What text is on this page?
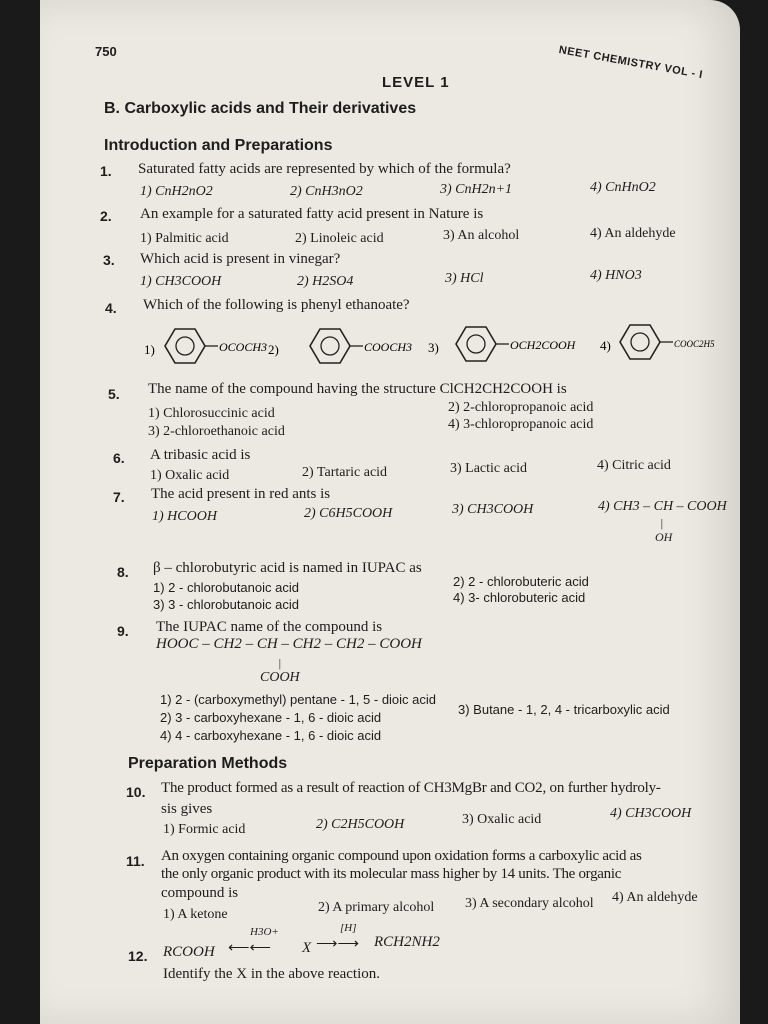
750	NEET CHEMISTRY VOL - I
LEVEL 1
B. Carboxylic acids and Their derivatives
Introduction and Preparations
1. Saturated fatty acids are represented by which of the formula?
1) CnH2nO2	2) CnH3nO2	3) CnH2n+1	4) CnHnO2
2. An example for a saturated fatty acid present in Nature is
1) Palmitic acid	2) Linoleic acid	3) An alcohol	4) An aldehyde
3. Which acid is present in vinegar?
1) CH3COOH	2) H2SO4	3) HCl	4) HNO3
4. Which of the following is phenyl ethanoate?
1)	OCOCH3 2)	COOCH3 3)	OCH2COOH 4)	COOC2H5
5. The name of the compound having the structure ClCH2CH2COOH is
1) Chlorosuccinic acid	2) 2-chloropropanoic acid
3) 2-chloroethanoic acid	4) 3-chloropropanoic acid
6. A tribasic acid is
1) Oxalic acid	2) Tartaric acid	3) Lactic acid	4) Citric acid
7. The acid present in red ants is
1) HCOOH	2) C6H5COOH	3) CH3COOH	4) CH3 – CH – COOH
|
OH
8. β – chlorobutyric acid is named in IUPAC as
1) 2 - chlorobutanoic acid	2) 2 - chlorobuteric acid
3) 3 - chlorobutanoic acid	4) 3- chlorobuteric acid
9. The IUPAC name of the compound is
HOOC – CH2 – CH – CH2 – CH2 – COOH
|
COOH
1) 2 - (carboxymethyl) pentane - 1, 5 - dioic acid
2) 3 - carboxyhexane - 1, 6 - dioic acid
3) Butane - 1, 2, 4 - tricarboxylic acid
4) 4 - carboxyhexane - 1, 6 - dioic acid
Preparation Methods
10. The product formed as a result of reaction of CH3MgBr and CO2, on further hydroly-
sis gives
1) Formic acid	2) C2H5COOH	3) Oxalic acid	4) CH3COOH
11. An oxygen containing organic compound upon oxidation forms a carboxylic acid as
the only organic product with its molecular mass higher by 14 units. The organic
compound is
1) A ketone	2) A primary alcohol 3) A secondary alcohol 4) An aldehyde
12. RCOOH
H3O+
⟵⟵ X
[H]
⟶⟶ RCH2NH2
Identify the X in the above reaction.
